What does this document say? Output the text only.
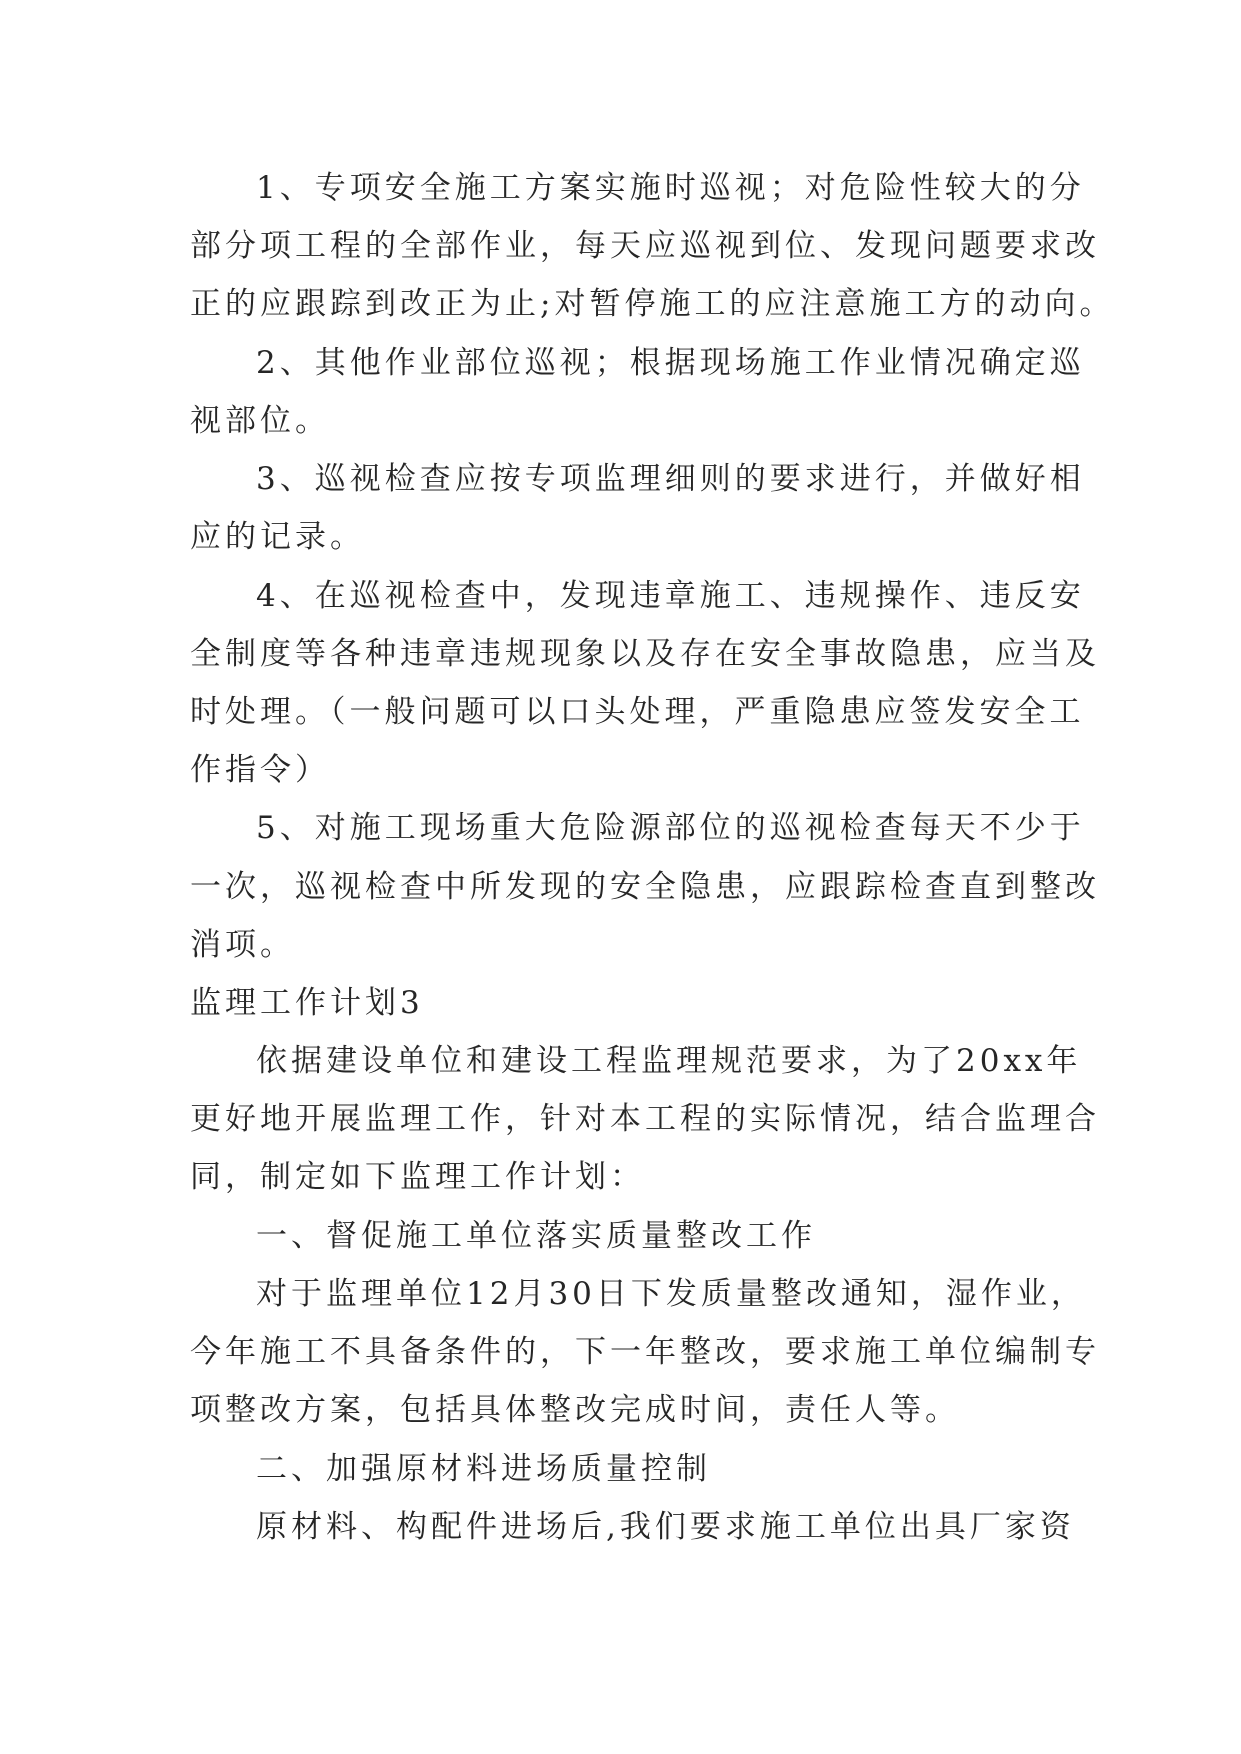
1、专项安全施工方案实施时巡视；对危险性较大的分
部分项工程的全部作业，每天应巡视到位、发现问题要求改
正的应跟踪到改正为止;对暂停施工的应注意施工方的动向。
2、其他作业部位巡视；根据现场施工作业情况确定巡
视部位。
3、巡视检查应按专项监理细则的要求进行，并做好相
应的记录。
4、在巡视检查中，发现违章施工、违规操作、违反安
全制度等各种违章违规现象以及存在安全事故隐患，应当及
时处理。（一般问题可以口头处理，严重隐患应签发安全工
作指令）
5、对施工现场重大危险源部位的巡视检查每天不少于
一次，巡视检查中所发现的安全隐患，应跟踪检查直到整改
消项。
监理工作计划3
依据建设单位和建设工程监理规范要求，为了20xx年
更好地开展监理工作，针对本工程的实际情况，结合监理合
同，制定如下监理工作计划：
一、督促施工单位落实质量整改工作
对于监理单位12月30日下发质量整改通知，湿作业，
今年施工不具备条件的，下一年整改，要求施工单位编制专
项整改方案，包括具体整改完成时间，责任人等。
二、加强原材料进场质量控制
原材料、构配件进场后,我们要求施工单位出具厂家资
